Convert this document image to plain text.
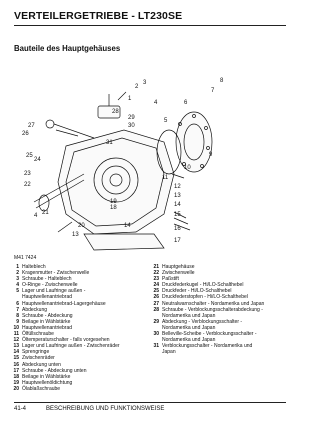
VERTEILERGETRIEBE - LT230SE
Bauteile des Hauptgehäuses
1
2
3
4
5
6
7
8
9
10
11
12
13
14
15
16
17
18
19
20
21
22
23
24
25
26
27
28
29
30
31
4
13
14
M41 7424
1 Halteblech
2 Kragenmutter - Zwischenwelle
3 Schraube - Halteblech
4 O-Ringe - Zwischenwelle
5 Lager und Laufringe außen -
Hauptwellenantriebrad
6 Hauptwellenantriebrad-Lagergehäuse
7 Abdeckung
8 Schraube - Abdeckung
9 Beilage in Wählstärke
10 Hauptwellenantriebrad
11 Ölfüllschraube
12 Öltemperaturschalter - falls vorgesehen
13 Lager und Laufringe außen - Zwischenräder
14 Sprengringe
15 Zwischenräder
16 Abdeckung unten
17 Schraube - Abdeckung unten
18 Beilage in Wählstärke
19 Hauptwellenöldichtung
20 Ölablaßschraube
21 Hauptgehäuse
22 Zwischenwelle
23 Paßstift
24 Druckfederkugel - Hi/LO-Schalthebel
25 Druckfeder - Hi/LO-Schalthebel
26 Druckfederstopfen - Hi/LO-Schalthebel
27 Neutralwarnschalter - Nordamerika und Japan
28 Schraube - Verblockungsschalterabdeckung -
Nordamerika und Japan
29 Abdeckung - Verblockungsschalter -
Nordamerika und Japan
30 Belleville-Scheibe - Verblockungsschalter -
Nordamerika und Japan
31 Verblockungsschalter - Nordamerika und
Japan
41-4	BESCHREIBUNG UND FUNKTIONSWEISE
